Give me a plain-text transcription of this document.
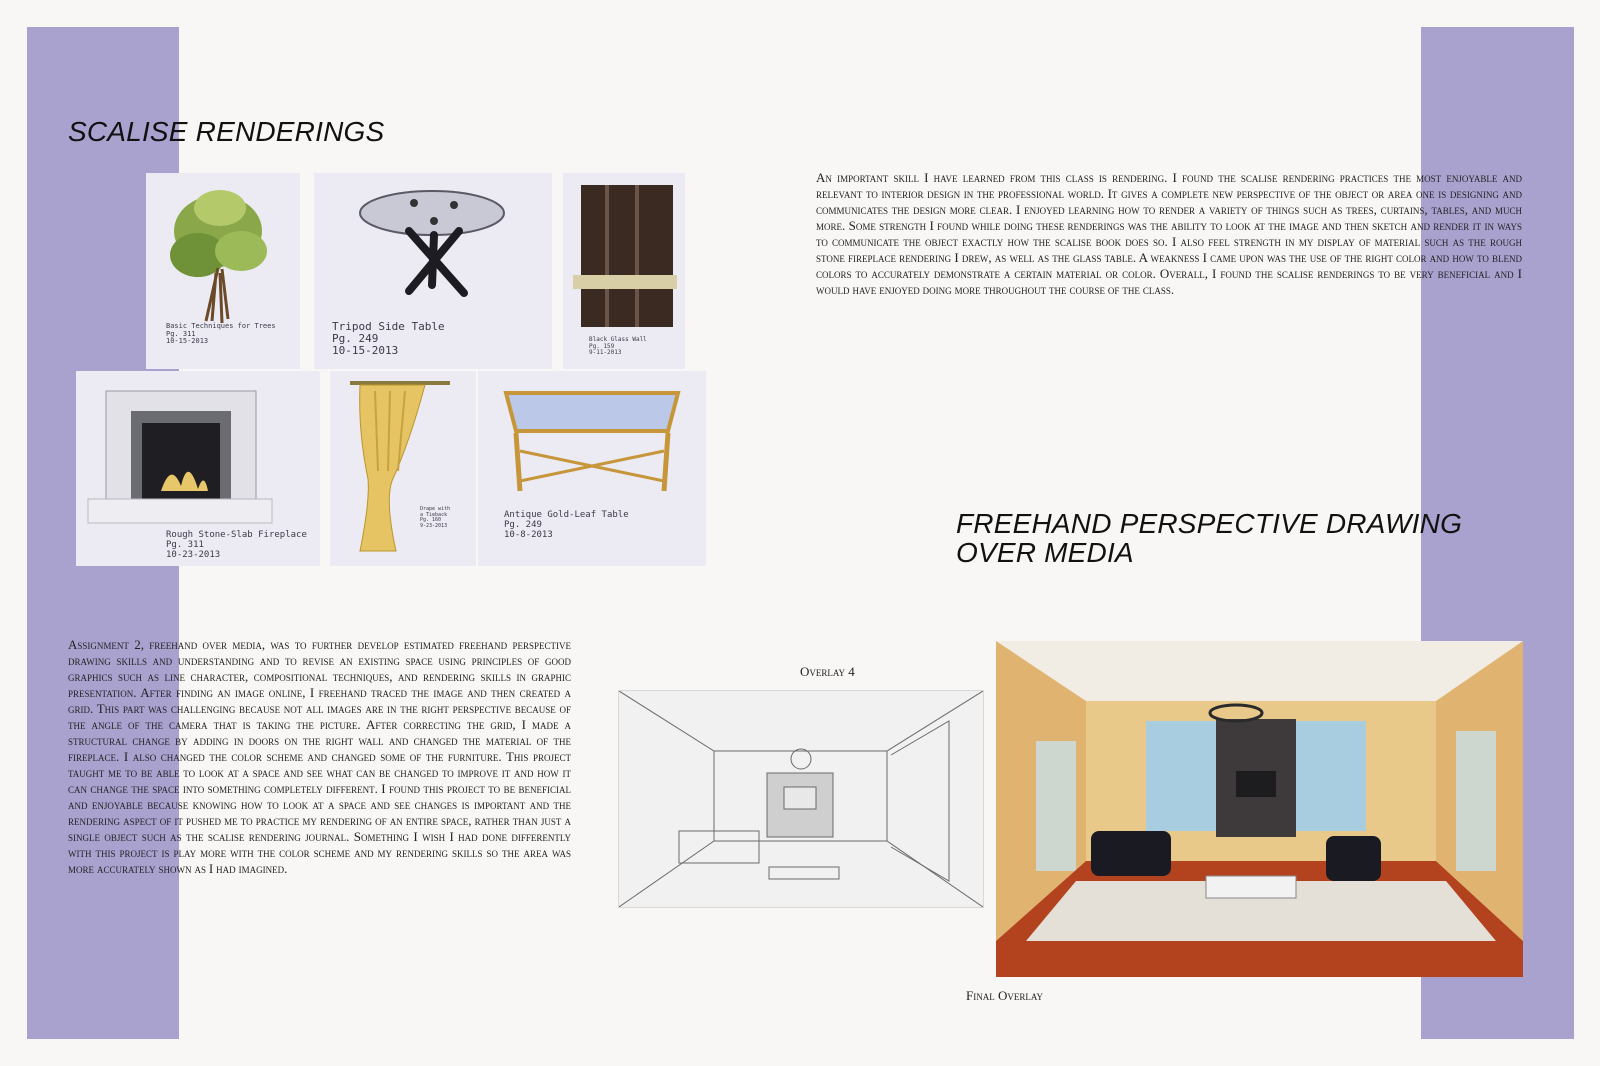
SCALISE RENDERINGS
FREEHAND PERSPECTIVE DRAWING OVER MEDIA

An important skill I have learned from this class is rendering. I found the scalise rendering practices the most enjoyable and relevant to interior design in the professional world. It gives a complete new perspective of the object or area one is designing and communicates the design more clear. I enjoyed learning how to render a variety of things such as trees, curtains, tables, and much more. Some strength I found while doing these renderings was the ability to look at the image and then sketch and render it in ways to communicate the object exactly how the scalise book does so. I also feel strength in my display of material such as the rough stone fireplace rendering I drew, as well as the glass table. A weakness I came upon was the use of the right color and how to blend colors to accurately demonstrate a certain material or color. Overall, I found the scalise renderings to be very beneficial and I would have enjoyed doing more throughout the course of the class.

Assignment 2, freehand over media, was to further develop estimated freehand perspective drawing skills and understanding and to revise an existing space using principles of good graphics such as line character, compositional techniques, and rendering skills in graphic presentation. After finding an image online, I freehand traced the image and then created a grid. This part was challenging because not all images are in the right perspective because of the angle of the camera that is taking the picture. After correcting the grid, I made a structural change by adding in doors on the right wall and changed the material of the fireplace. I also changed the color scheme and changed some of the furniture. This project taught me to be able to look at a space and see what can be changed to improve it and how it can change the space into something completely different. I found this project to be beneficial and enjoyable because knowing how to look at a space and see changes is important and the rendering aspect of it pushed me to practice my rendering of an entire space, rather than just a single object such as the scalise rendering journal. Something I wish I had done differently with this project is play more with the color scheme and my rendering skills so the area was more accurately shown as I had imagined.

Basic Techniques for Trees
Pg. 311
10-15-2013
Tripod Side Table
Pg. 249
10-15-2013
Black Glass Wall
Pg. 159
9-11-2013
Rough Stone-Slab Fireplace
Pg. 311
10-23-2013
Drape with
a Tieback
Pg. 160
9-23-2013
Antique Gold-Leaf Table
Pg. 249
10-8-2013
Overlay 4
Final Overlay
